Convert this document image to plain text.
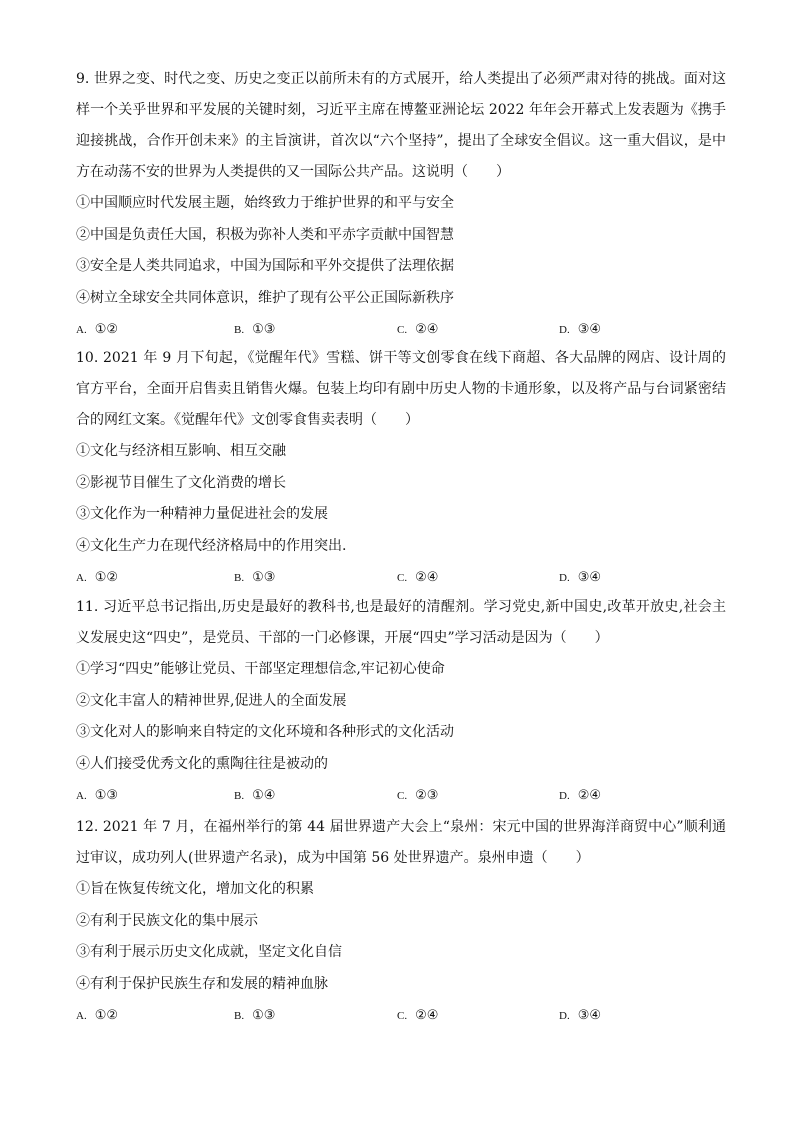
9. 世界之变、时代之变、历史之变正以前所未有的方式展开，给人类提出了必须严肃对待的挑战。面对这样一个关乎世界和平发展的关键时刻，习近平主席在博鳌亚洲论坛 2022 年年会开幕式上发表题为《携手迎接挑战，合作开创未来》的主旨演讲，首次以“六个坚持”，提出了全球安全倡议。这一重大倡议，是中方在动荡不安的世界为人类提供的又一国际公共产品。这说明（　　）

①中国顺应时代发展主题，始终致力于维护世界的和平与安全

②中国是负责任大国，积极为弥补人类和平赤字贡献中国智慧

③安全是人类共同追求，中国为国际和平外交提供了法理依据

④树立全球安全共同体意识，维护了现有公平公正国际新秩序

A. ①②	B. ①③	C. ②④	D. ③④

10. 2021 年 9 月下旬起，《觉醒年代》雪糕、饼干等文创零食在线下商超、各大品牌的网店、设计周的官方平台，全面开启售卖且销售火爆。包装上均印有剧中历史人物的卡通形象，以及将产品与台词紧密结合的网红文案。《觉醒年代》文创零食售卖表明（　　）

①文化与经济相互影响、相互交融

②影视节目催生了文化消费的增长

③文化作为一种精神力量促进社会的发展

④文化生产力在现代经济格局中的作用突出.

A. ①②	B. ①③	C. ②④	D. ③④

11. 习近平总书记指出,历史是最好的教科书,也是最好的清醒剂。学习党史,新中国史,改革开放史,社会主义发展史这“四史”，是党员、干部的一门必修课，开展“四史”学习活动是因为（　　）

①学习“四史”能够让党员、干部坚定理想信念,牢记初心使命

②文化丰富人的精神世界,促进人的全面发展

③文化对人的影响来自特定的文化环境和各种形式的文化活动

④人们接受优秀文化的熏陶往往是被动的

A. ①③	B. ①④	C. ②③	D. ②④

12. 2021 年 7 月，在福州举行的第 44 届世界遗产大会上“泉州：宋元中国的世界海洋商贸中心”顺利通过审议，成功列人(世界遗产名录)，成为中国第 56 处世界遗产。泉州申遗（　　）

①旨在恢复传统文化，增加文化的积累

②有利于民族文化的集中展示

③有利于展示历史文化成就，坚定文化自信

④有利于保护民族生存和发展的精神血脉

A. ①②	B. ①③	C. ②④	D. ③④
